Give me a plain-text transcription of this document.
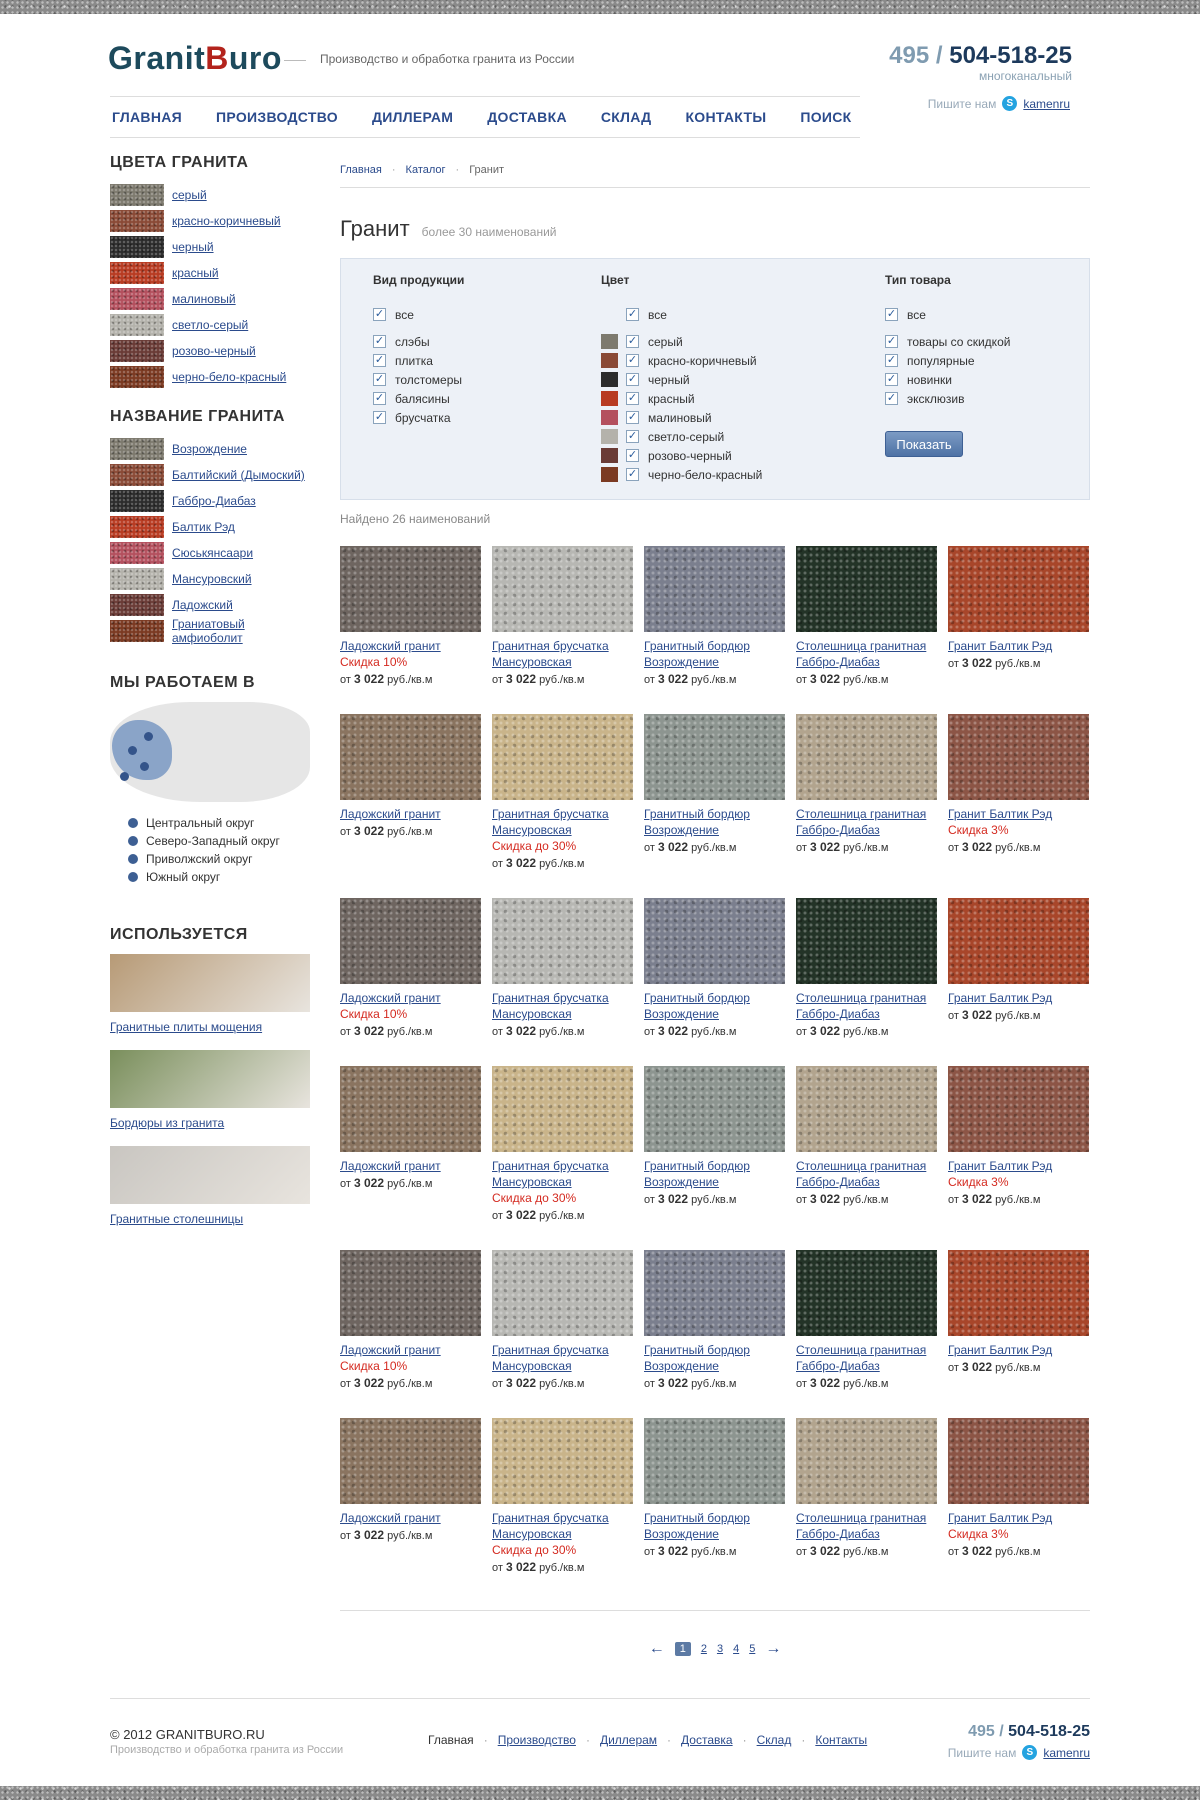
GranitBuro	Производство и обработка гранита из России	495 / 504-518-25
многоканальный
Пишите нам	S kamenru
ГЛАВНАЯ ПРОИЗВОДСТВО ДИЛЛЕРАМ ДОСТАВКА СКЛАД КОНТАКТЫ ПОИСК
ЦВЕТА ГРАНИТА
серый
красно-коричневый
черный
красный
малиновый
светло-серый
розово-черный
черно-бело-красный
НАЗВАНИЕ ГРАНИТА
Возрождение
Балтийский (Дымоский)
Габбро-Диабаз
Балтик Рэд
Сюськянсаари
Мансуровский
Ладожский
Граниатовый амфиоболит
МЫ РАБОТАЕМ В
Центральный округ
Северо-Западный округ
Приволжский округ
Южный округ
ИСПОЛЬЗУЕТСЯ
Гранитные плиты мощения
Бордюры из гранита
Гранитные столешницы
Главная · Каталог · Гранит
Гранит более 30 наименований
Вид продукции
✓ все
✓ слэбы
✓ плитка
✓ толстомеры
✓ балясины
✓ брусчатка
Цвет
✓ все
✓ серый
✓ красно-коричневый
✓ черный
✓ красный
✓ малиновый
✓ светло-серый
✓ розово-черный
✓ черно-бело-красный
Тип товара
✓ все
✓ товары со скидкой
✓ популярные
✓ новинки
✓ эксклюзив
Показать
Найдено 26 наименований
Ладожский гранит
Скидка 10%
от 3 022 руб./кв.м
Гранитная брусчатка
Мансуровская
от 3 022 руб./кв.м
Гранитный бордюр
Возрождение
от 3 022 руб./кв.м
Столешница гранитная
Габбро-Диабаз
от 3 022 руб./кв.м
Гранит Балтик Рэд
от 3 022 руб./кв.м
Ладожский гранит
от 3 022 руб./кв.м
Гранитная брусчатка
Мансуровская
Скидка до 30%
от 3 022 руб./кв.м
Гранитный бордюр
Возрождение
от 3 022 руб./кв.м
Столешница гранитная
Габбро-Диабаз
от 3 022 руб./кв.м
Гранит Балтик Рэд
Скидка 3%
от 3 022 руб./кв.м
Ладожский гранит
Скидка 10%
от 3 022 руб./кв.м
Гранитная брусчатка
Мансуровская
от 3 022 руб./кв.м
Гранитный бордюр
Возрождение
от 3 022 руб./кв.м
Столешница гранитная
Габбро-Диабаз
от 3 022 руб./кв.м
Гранит Балтик Рэд
от 3 022 руб./кв.м
Ладожский гранит
от 3 022 руб./кв.м
Гранитная брусчатка
Мансуровская
Скидка до 30%
от 3 022 руб./кв.м
Гранитный бордюр
Возрождение
от 3 022 руб./кв.м
Столешница гранитная
Габбро-Диабаз
от 3 022 руб./кв.м
Гранит Балтик Рэд
Скидка 3%
от 3 022 руб./кв.м
Ладожский гранит
Скидка 10%
от 3 022 руб./кв.м
Гранитная брусчатка
Мансуровская
от 3 022 руб./кв.м
Гранитный бордюр
Возрождение
от 3 022 руб./кв.м
Столешница гранитная
Габбро-Диабаз
от 3 022 руб./кв.м
Гранит Балтик Рэд
от 3 022 руб./кв.м
Ладожский гранит
от 3 022 руб./кв.м
Гранитная брусчатка
Мансуровская
Скидка до 30%
от 3 022 руб./кв.м
Гранитный бордюр
Возрождение
от 3 022 руб./кв.м
Столешница гранитная
Габбро-Диабаз
от 3 022 руб./кв.м
Гранит Балтик Рэд
Скидка 3%
от 3 022 руб./кв.м
←	1	2 3 4 5 →
© 2012 GRANITBURO.RU
Производство и обработка гранита из России
Главная · Производство · Диллерам · Доставка · Склад · Контакты	495 / 504-518-25
Пишите нам	S kamenru
